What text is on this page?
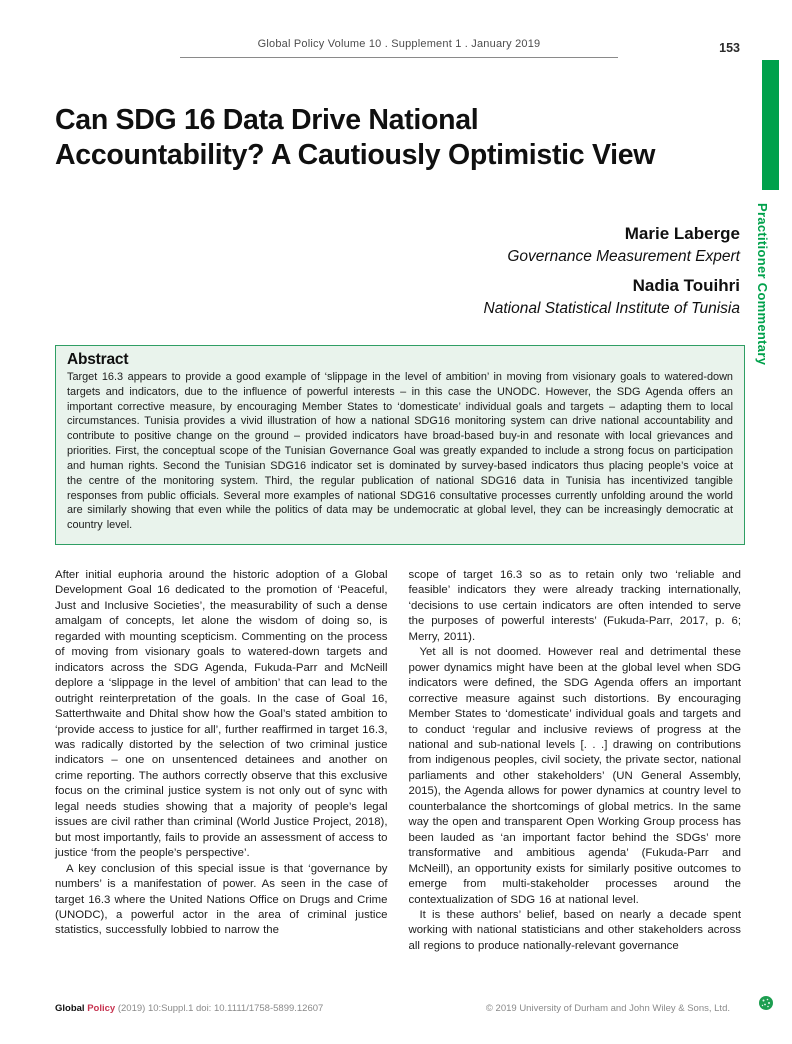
Global Policy Volume 10 . Supplement 1 . January 2019	153
Practitioner Commentary
Can SDG 16 Data Drive National
Accountability? A Cautiously Optimistic View

Marie Laberge

Governance Measurement Expert

Nadia Touihri

National Statistical Institute of Tunisia

Abstract

Target 16.3 appears to provide a good example of ‘slippage in the level of ambition’ in moving from visionary goals to watered-down targets and indicators, due to the influence of powerful interests – in this case the UNODC. However, the SDG Agenda offers an important corrective measure, by encouraging Member States to ‘domesticate’ individual goals and targets – adapting them to local circumstances. Tunisia provides a vivid illustration of how a national SDG16 monitoring system can drive national accountability and contribute to positive change on the ground – provided indicators have broad-based buy-in and resonate with local grievances and priorities. First, the conceptual scope of the Tunisian Governance Goal was greatly expanded to include a strong focus on participation and human rights. Second the Tunisian SDG16 indicator set is dominated by survey-based indicators thus placing people’s voice at the centre of the monitoring system. Third, the regular publication of national SDG16 data in Tunisia has incentivized tangible responses from public officials. Several more examples of national SDG16 consultative processes currently unfolding around the world are similarly showing that even while the politics of data may be undemocratic at global level, they can be increasingly democratic at country level.

After initial euphoria around the historic adoption of a Global Development Goal 16 dedicated to the promotion of ‘Peaceful, Just and Inclusive Societies’, the measurability of such a dense amalgam of concepts, let alone the wisdom of doing so, is regarded with mounting scepticism. Commenting on the process of moving from visionary goals to watered-down targets and indicators across the SDG Agenda, Fukuda-Parr and McNeill deplore a ‘slippage in the level of ambition’ that can lead to the outright reinterpretation of the goals. In the case of Goal 16, Satterthwaite and Dhital show how the Goal’s stated ambition to ‘provide access to justice for all’, further reaffirmed in target 16.3, was radically distorted by the selection of two criminal justice indicators – one on unsentenced detainees and another on crime reporting. The authors correctly observe that this exclusive focus on the criminal justice system is not only out of sync with legal needs studies showing that a majority of people’s legal issues are civil rather than criminal (World Justice Project, 2018), but most importantly, fails to provide an assessment of access to justice ‘from the people’s perspective’.

A key conclusion of this special issue is that ‘governance by numbers’ is a manifestation of power. As seen in the case of target 16.3 where the United Nations Office on Drugs and Crime (UNODC), a powerful actor in the area of criminal justice statistics, successfully lobbied to narrow the

scope of target 16.3 so as to retain only two ‘reliable and feasible’ indicators they were already tracking internationally, ‘decisions to use certain indicators are often intended to serve the purposes of powerful interests’ (Fukuda-Parr, 2017, p. 6; Merry, 2011).

Yet all is not doomed. However real and detrimental these power dynamics might have been at the global level when SDG indicators were defined, the SDG Agenda offers an important corrective measure against such distortions. By encouraging Member States to ‘domesticate’ individual goals and targets and to conduct ‘regular and inclusive reviews of progress at the national and sub-national levels [. . .] drawing on contributions from indigenous peoples, civil society, the private sector, national parliaments and other stakeholders’ (UN General Assembly, 2015), the Agenda allows for power dynamics at country level to counterbalance the shortcomings of global metrics. In the same way the open and transparent Open Working Group process has been lauded as ‘an important factor behind the SDGs’ more transformative and ambitious agenda’ (Fukuda-Parr and McNeill), an opportunity exists for similarly positive outcomes to emerge from multi-stakeholder processes around the contextualization of SDG 16 at national level.

It is these authors’ belief, based on nearly a decade spent working with national statisticians and other stakeholders across all regions to produce nationally-relevant governance

Global Policy (2019) 10:Suppl.1 doi: 10.1111/1758-5899.12607	© 2019 University of Durham and John Wiley & Sons, Ltd.
